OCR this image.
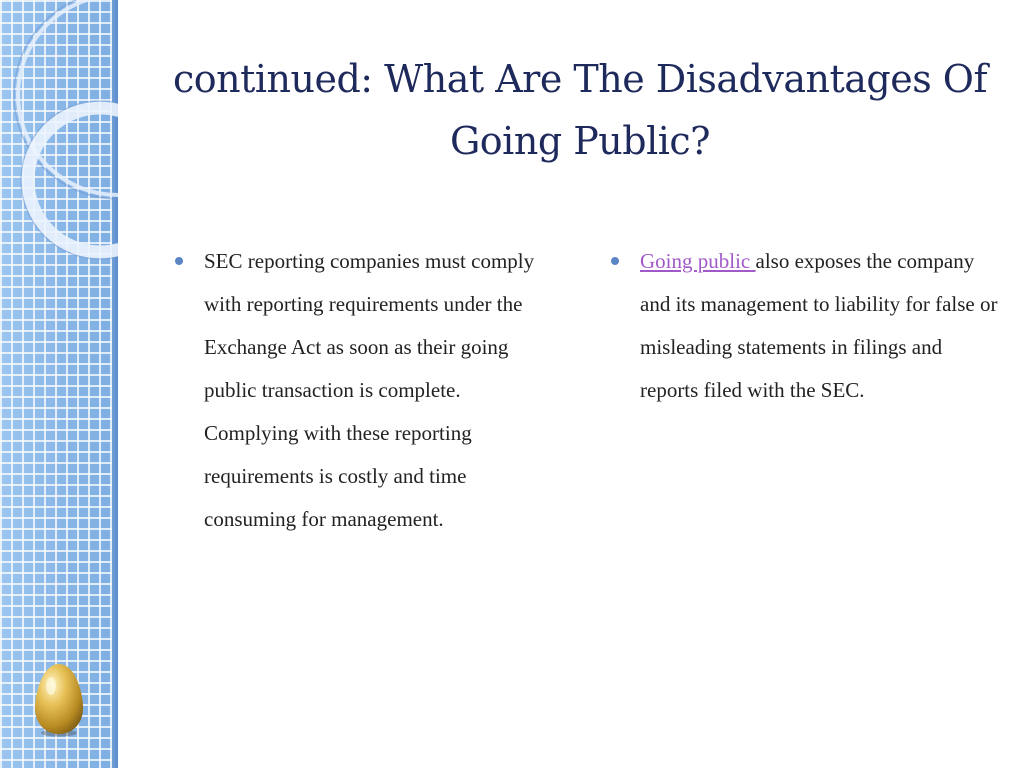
continued: What Are The Disadvantages Of Going Public?

SEC reporting companies must comply with reporting requirements under the Exchange Act as soon as their going public transaction is complete. Complying with these reporting requirements is costly and time consuming for management.

Going public also exposes the company and its management to liability for false or misleading statements in filings and reports filed with the SEC.
